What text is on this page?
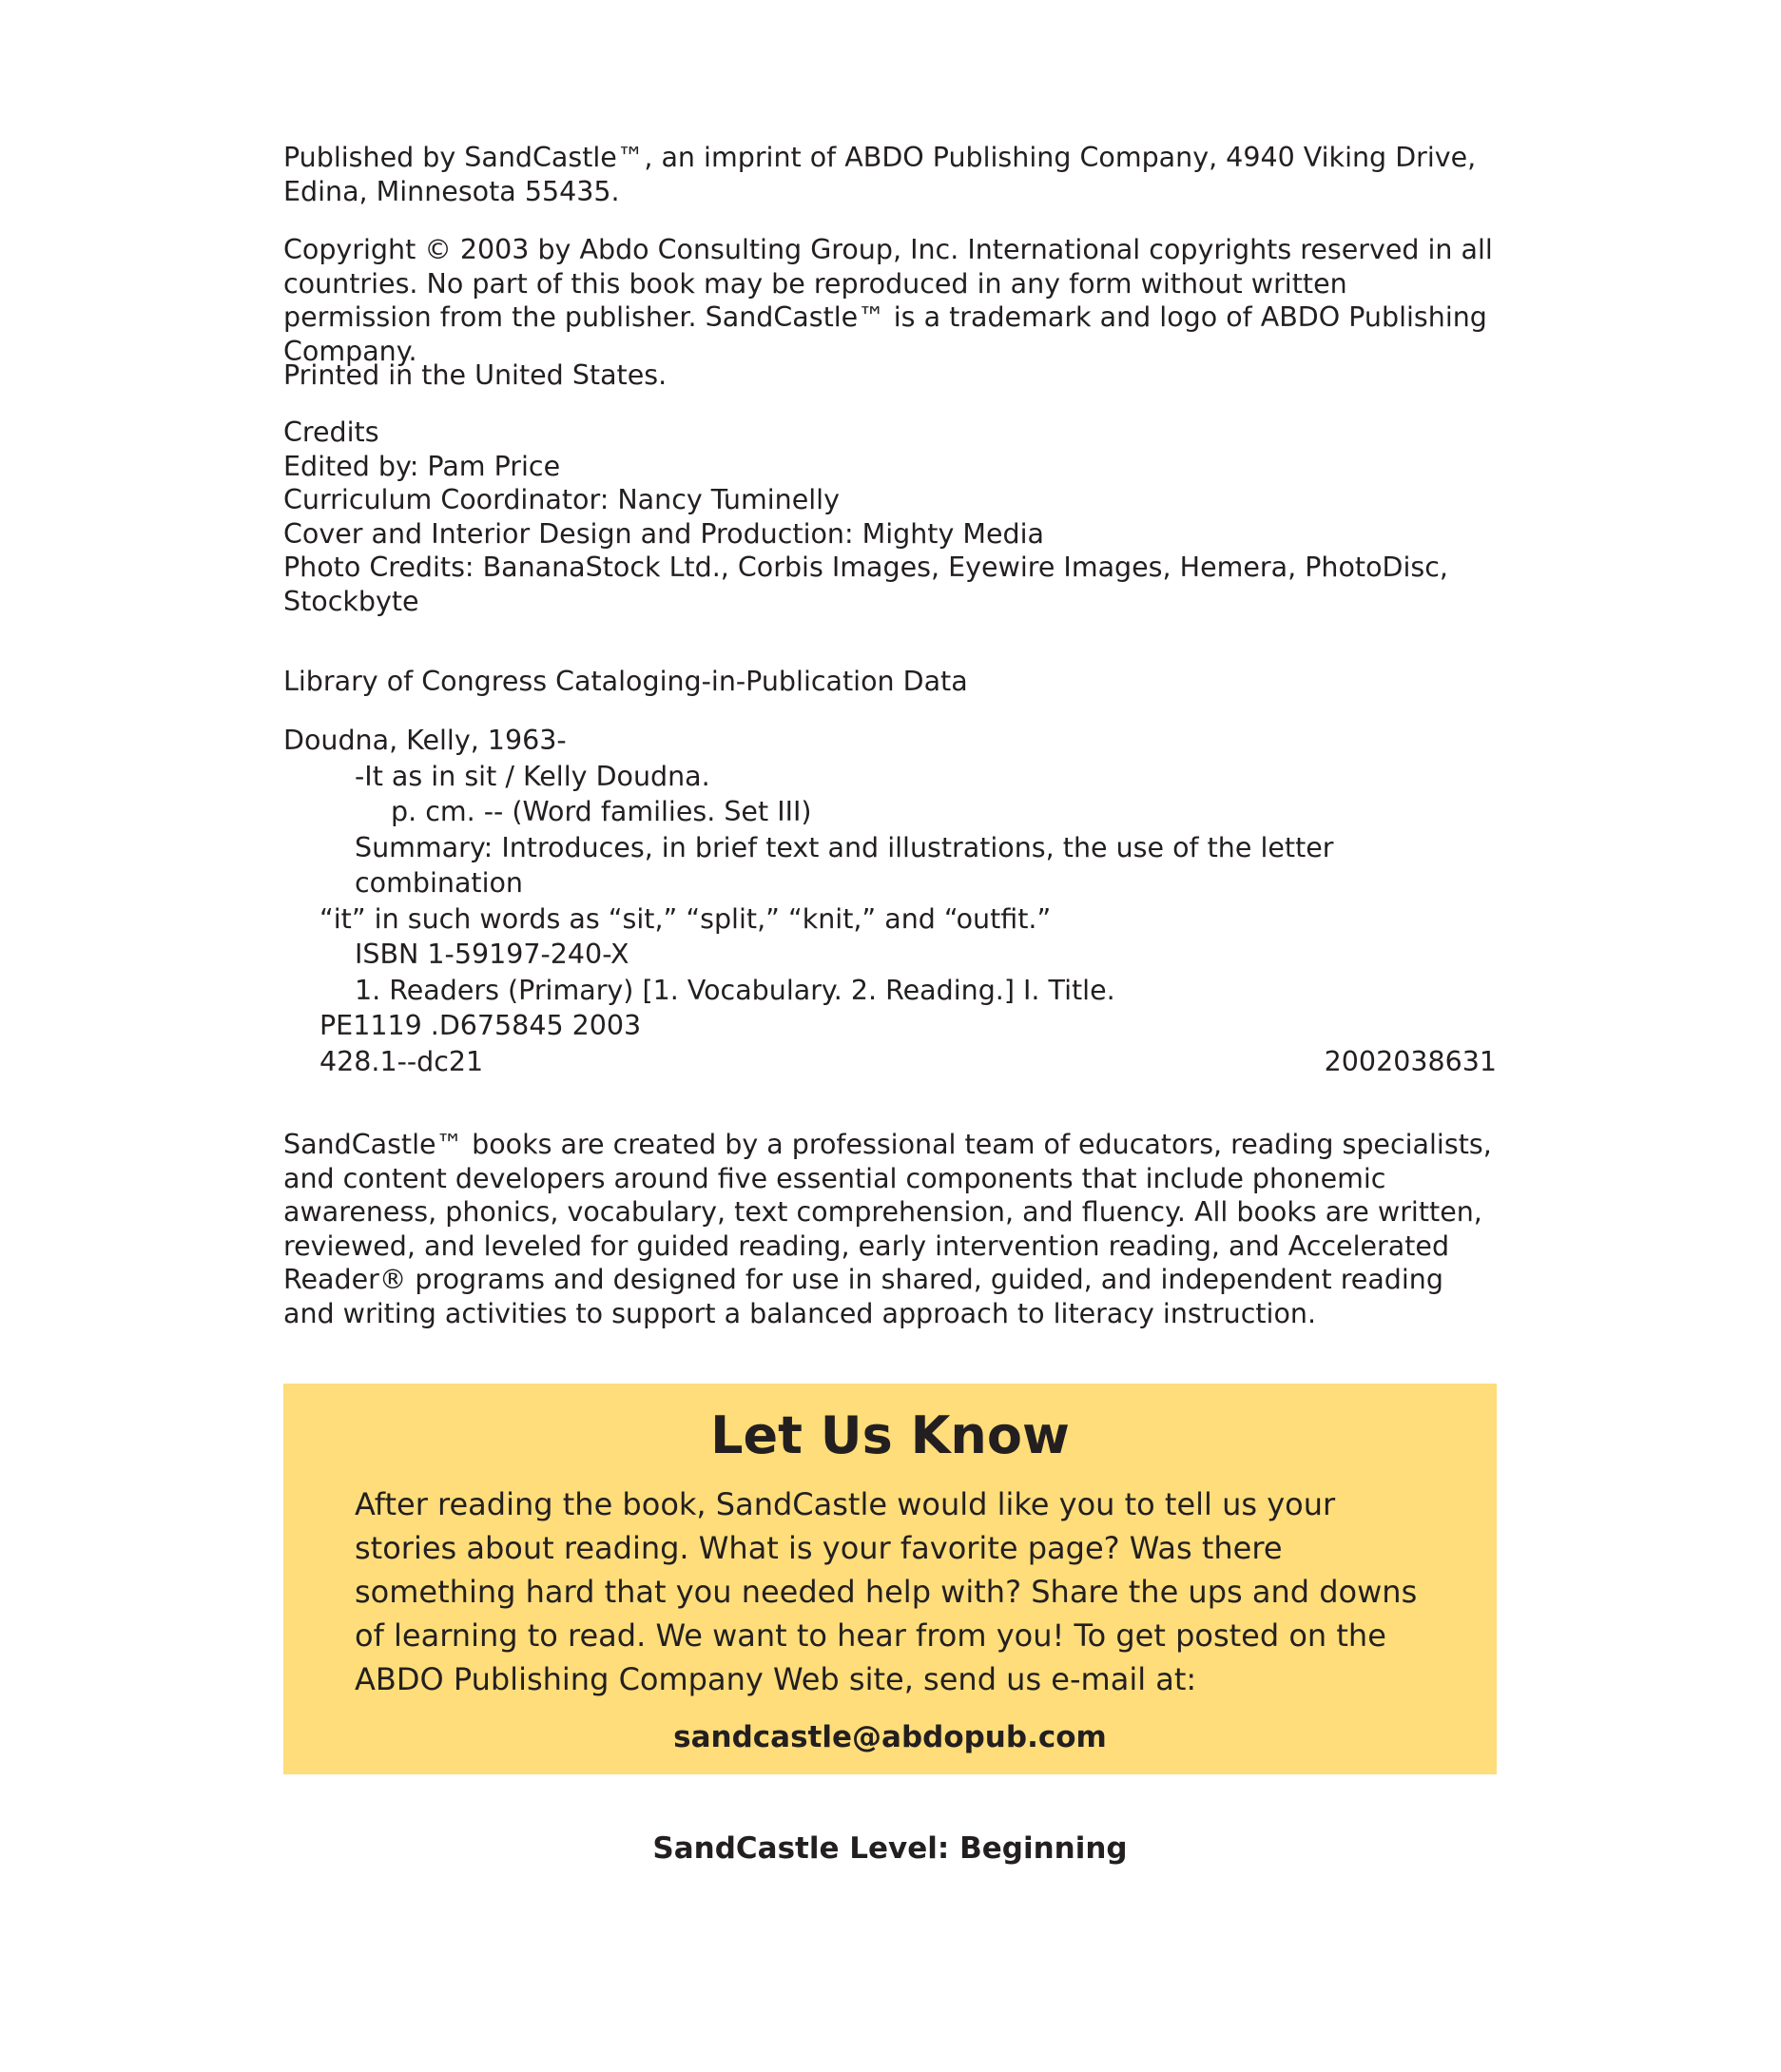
Published by SandCastle™, an imprint of ABDO Publishing Company, 4940 Viking Drive, Edina, Minnesota 55435.

Copyright © 2003 by Abdo Consulting Group, Inc. International copyrights reserved in all countries. No part of this book may be reproduced in any form without written permission from the publisher. SandCastle™ is a trademark and logo of ABDO Publishing Company.

Printed in the United States.

Credits
Edited by: Pam Price
Curriculum Coordinator: Nancy Tuminelly
Cover and Interior Design and Production: Mighty Media
Photo Credits: BananaStock Ltd., Corbis Images, Eyewire Images, Hemera, PhotoDisc, Stockbyte

Library of Congress Cataloging-in-Publication Data

Doudna, Kelly, 1963-
-It as in sit / Kelly Doudna.
p. cm. -- (Word families. Set III)
Summary: Introduces, in brief text and illustrations, the use of the letter combination
“it” in such words as “sit,” “split,” “knit,” and “outfit.”
ISBN 1-59197-240-X
1. Readers (Primary) [1. Vocabulary. 2. Reading.] I. Title.
PE1119 .D675845 2003
428.1--dc21	2002038631

SandCastle™ books are created by a professional team of educators, reading specialists, and content developers around five essential components that include phonemic awareness, phonics, vocabulary, text comprehension, and fluency. All books are written, reviewed, and leveled for guided reading, early intervention reading, and Accelerated Reader® programs and designed for use in shared, guided, and independent reading and writing activities to support a balanced approach to literacy instruction.

Let Us Know

After reading the book, SandCastle would like you to tell us your stories about reading. What is your favorite page? Was there something hard that you needed help with? Share the ups and downs of learning to read. We want to hear from you! To get posted on the ABDO Publishing Company Web site, send us e-mail at:

sandcastle@abdopub.com
SandCastle Level: Beginning
